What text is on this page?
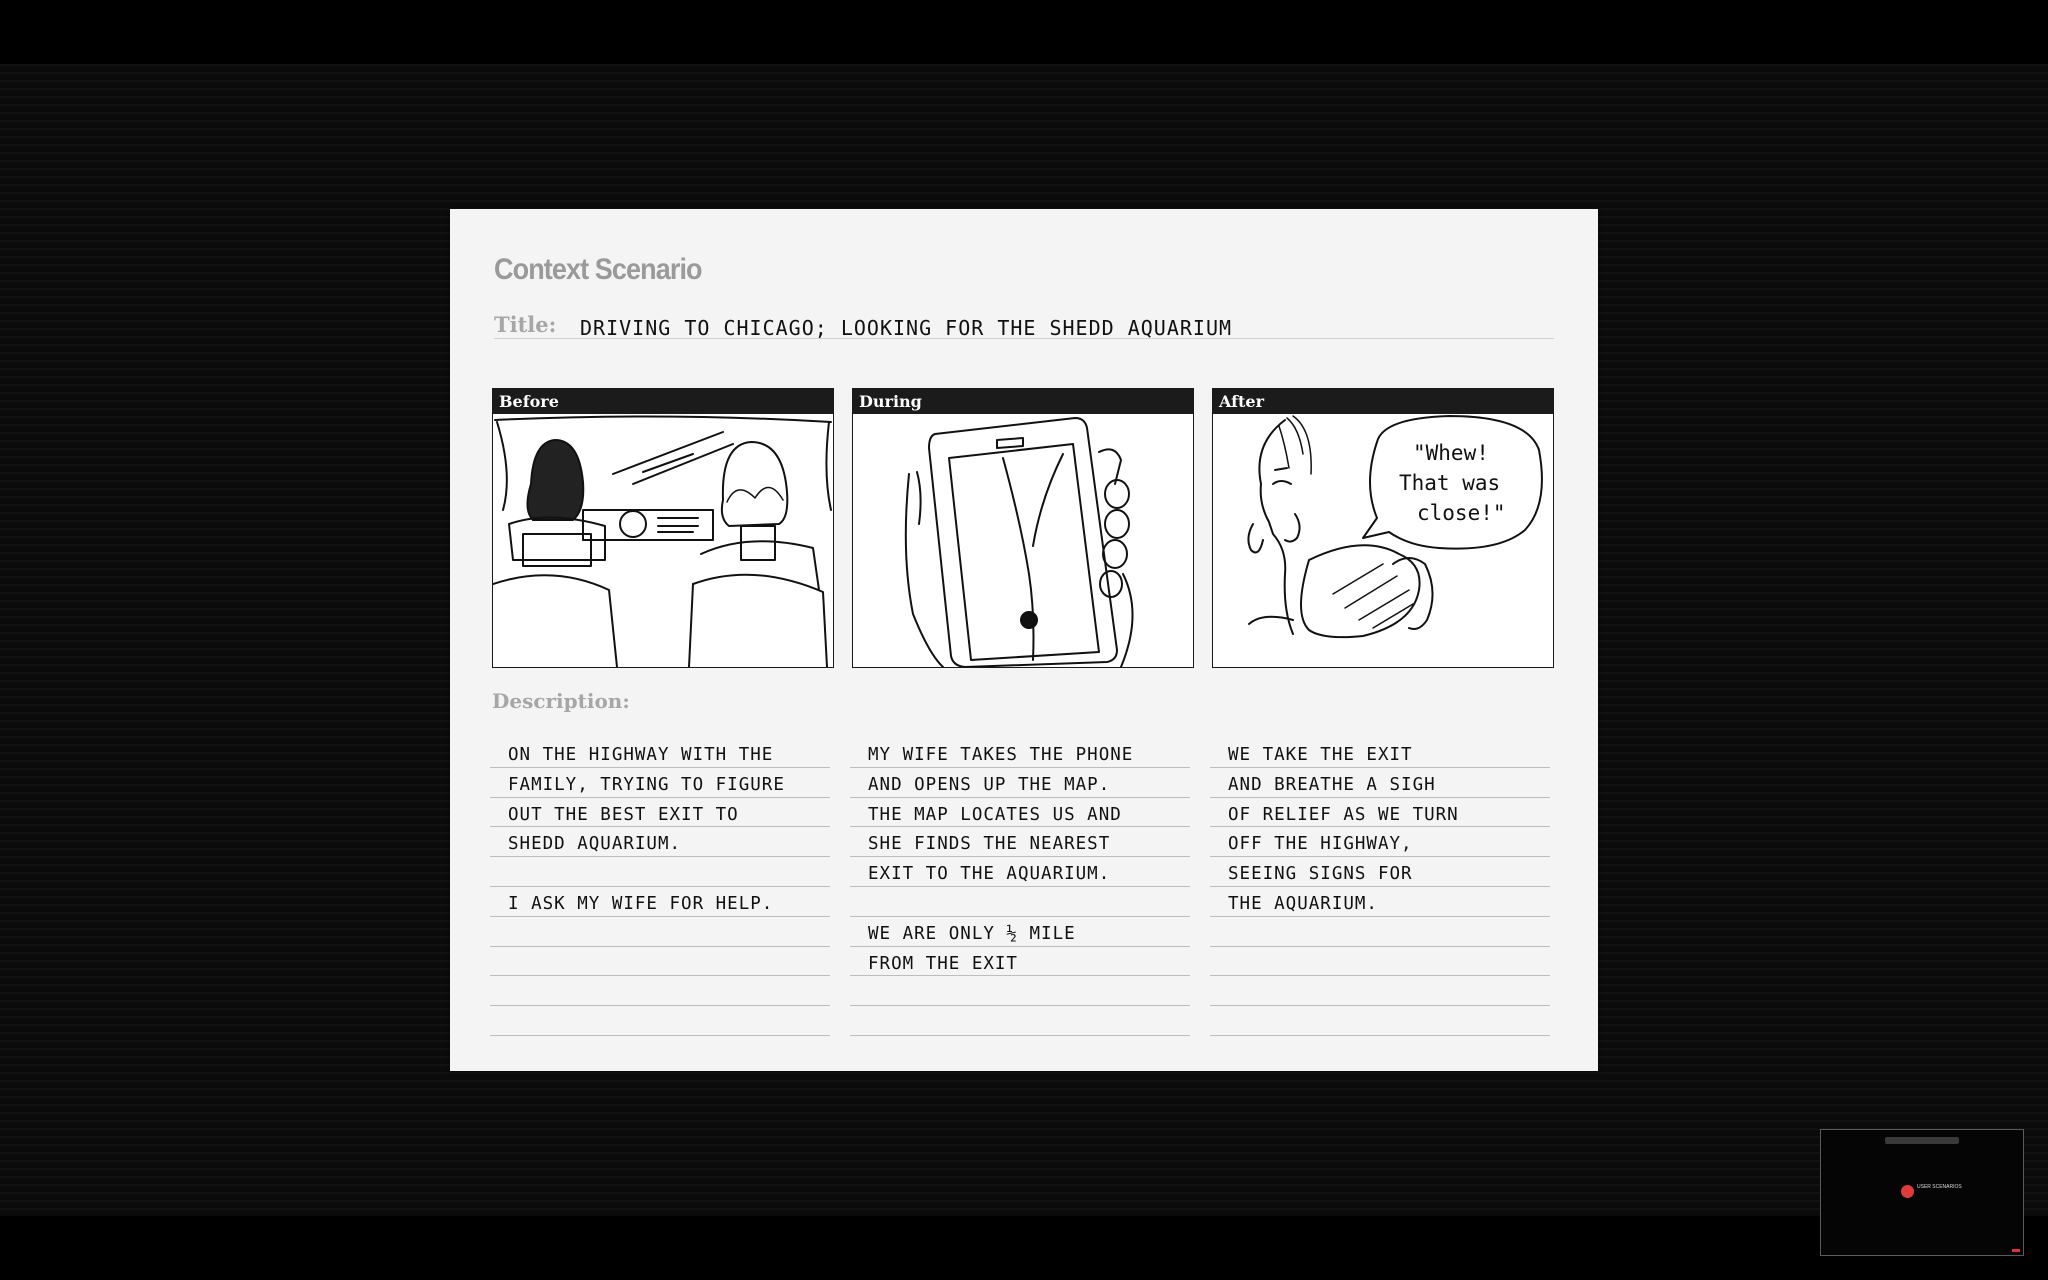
Context Scenario
Title: DRIVING TO CHICAGO; LOOKING FOR THE SHEDD AQUARIUM
Before	During	After
"Whew!
That was
close!"
Description:
ON THE HIGHWAY WITH THE
FAMILY, TRYING TO FIGURE
OUT THE BEST EXIT TO
SHEDD AQUARIUM.

I ASK MY WIFE FOR HELP.
MY WIFE TAKES THE PHONE
AND OPENS UP THE MAP.
THE MAP LOCATES US AND
SHE FINDS THE NEAREST
EXIT TO THE AQUARIUM.

WE ARE ONLY ½ MILE
FROM THE EXIT
WE TAKE THE EXIT
AND BREATHE A SIGH
OF RELIEF AS WE TURN
OFF THE HIGHWAY,
SEEING SIGNS FOR
THE AQUARIUM.
USER SCENARIOS
